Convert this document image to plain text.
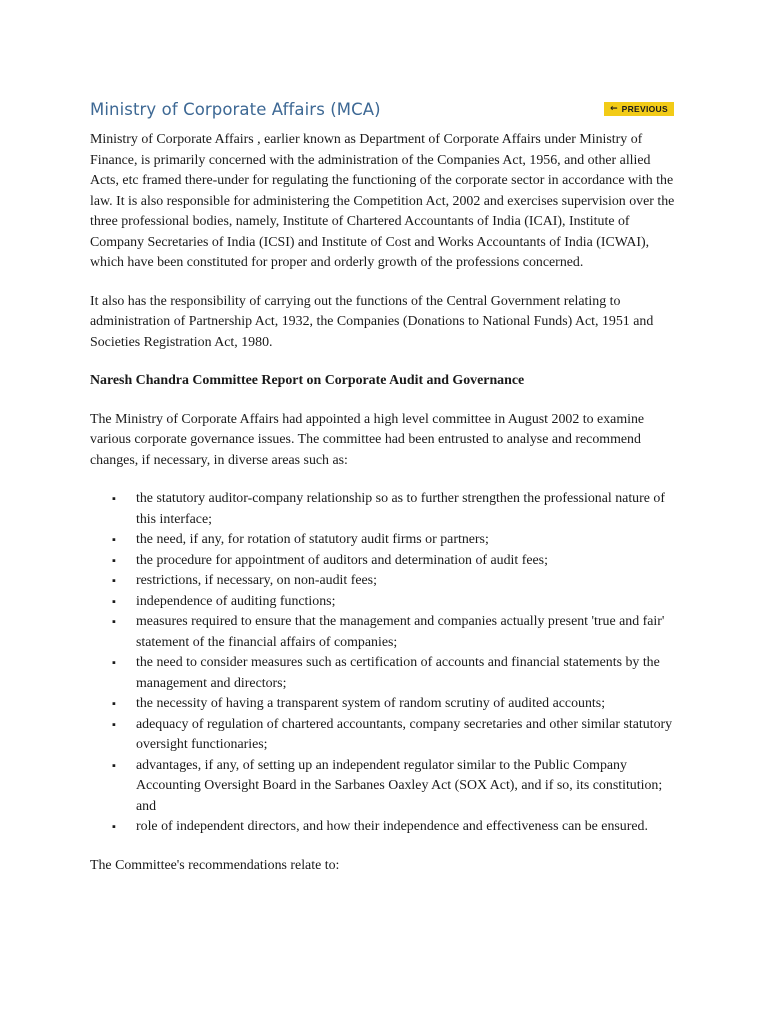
Ministry of Corporate Affairs (MCA)	← PREVIOUS

Ministry of Corporate Affairs , earlier known as Department of Corporate Affairs under Ministry of Finance, is primarily concerned with the administration of the Companies Act, 1956, and other allied Acts, etc framed there-under for regulating the functioning of the corporate sector in accordance with the law. It is also responsible for administering the Competition Act, 2002 and exercises supervision over the three professional bodies, namely, Institute of Chartered Accountants of India (ICAI), Institute of Company Secretaries of India (ICSI) and Institute of Cost and Works Accountants of India (ICWAI), which have been constituted for proper and orderly growth of the professions concerned.

It also has the responsibility of carrying out the functions of the Central Government relating to administration of Partnership Act, 1932, the Companies (Donations to National Funds) Act, 1951 and Societies Registration Act, 1980.

Naresh Chandra Committee Report on Corporate Audit and Governance

The Ministry of Corporate Affairs had appointed a high level committee in August 2002 to examine various corporate governance issues. The committee had been entrusted to analyse and recommend changes, if necessary, in diverse areas such as:

▪ the statutory auditor-company relationship so as to further strengthen the professional nature of this interface;
▪ the need, if any, for rotation of statutory audit firms or partners;
▪ the procedure for appointment of auditors and determination of audit fees;
▪ restrictions, if necessary, on non-audit fees;
▪ independence of auditing functions;
▪ measures required to ensure that the management and companies actually present 'true and fair' statement of the financial affairs of companies;
▪ the need to consider measures such as certification of accounts and financial statements by the management and directors;
▪ the necessity of having a transparent system of random scrutiny of audited accounts;
▪ adequacy of regulation of chartered accountants, company secretaries and other similar statutory oversight functionaries;
▪ advantages, if any, of setting up an independent regulator similar to the Public Company Accounting Oversight Board in the Sarbanes Oaxley Act (SOX Act), and if so, its constitution; and
▪ role of independent directors, and how their independence and effectiveness can be ensured.

The Committee's recommendations relate to:
